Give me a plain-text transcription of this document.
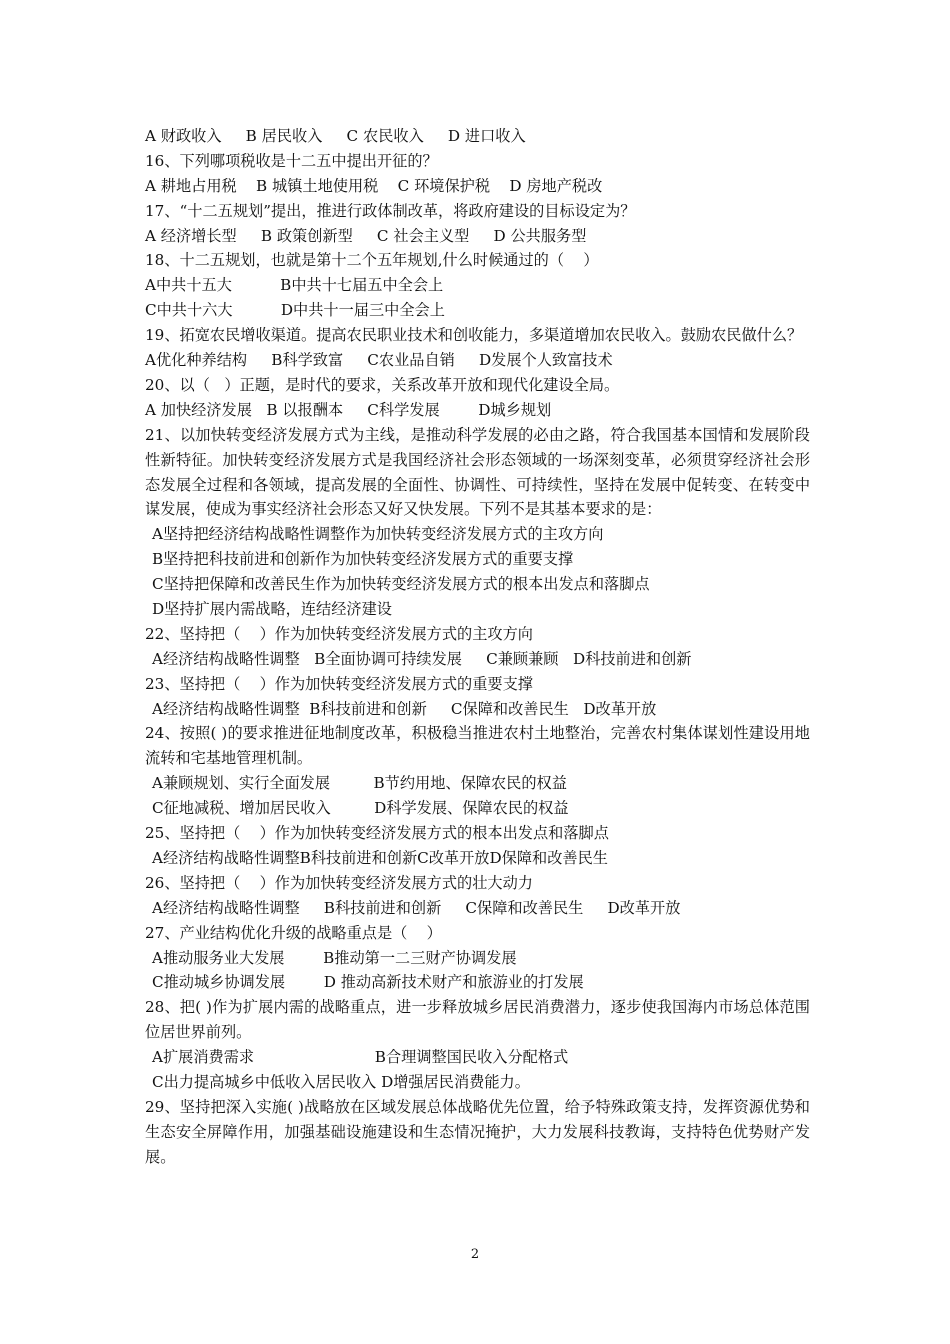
A 财政收入     B 居民收入     C 农民收入     D 进口收入
16、下列哪项税收是十二五中提出开征的？
A 耕地占用税    B 城镇土地使用税    C 环境保护税    D 房地产税改
17、“十二五规划”提出，推进行政体制改革，将政府建设的目标设定为？
A 经济增长型     B 政策创新型     C 社会主义型     D 公共服务型
18、十二五规划，也就是第十二个五年规划,什么时候通过的（    ）
A中共十五大          B中共十七届五中全会上
C中共十六大          D中共十一届三中全会上
19、拓宽农民增收渠道。提高农民职业技术和创收能力，多渠道增加农民收入。鼓励农民做什么？
A优化种养结构     B科学致富     C农业品自销     D发展个人致富技术
20、以（   ）正题，是时代的要求，关系改革开放和现代化建设全局。
A 加快经济发展   B 以报酬本     C科学发展        D城乡规划
21、以加快转变经济发展方式为主线，是推动科学发展的必由之路，符合我国基本国情和发展阶段性新特征。加快转变经济发展方式是我国经济社会形态领域的一场深刻变革，必须贯穿经济社会形态发展全过程和各领域，提高发展的全面性、协调性、可持续性，坚持在发展中促转变、在转变中谋发展，使成为事实经济社会形态又好又快发展。下列不是其基本要求的是：
A坚持把经济结构战略性调整作为加快转变经济发展方式的主攻方向
B坚持把科技前进和创新作为加快转变经济发展方式的重要支撑
C坚持把保障和改善民生作为加快转变经济发展方式的根本出发点和落脚点
D坚持扩展内需战略，连结经济建设
22、坚持把（    ）作为加快转变经济发展方式的主攻方向
A经济结构战略性调整   B全面协调可持续发展     C兼顾兼顾   D科技前进和创新
23、坚持把（    ）作为加快转变经济发展方式的重要支撑
A经济结构战略性调整  B科技前进和创新     C保障和改善民生   D改革开放
24、按照( )的要求推进征地制度改革，积极稳当推进农村土地整治，完善农村集体谋划性建设用地流转和宅基地管理机制。
A兼顾规划、实行全面发展         B节约用地、保障农民的权益
C征地减税、增加居民收入         D科学发展、保障农民的权益
25、坚持把（    ）作为加快转变经济发展方式的根本出发点和落脚点
A经济结构战略性调整B科技前进和创新C改革开放D保障和改善民生
26、坚持把（    ）作为加快转变经济发展方式的壮大动力
A经济结构战略性调整     B科技前进和创新     C保障和改善民生     D改革开放
27、产业结构优化升级的战略重点是（    ）
A推动服务业大发展        B推动第一二三财产协调发展
C推动城乡协调发展        D 推动高新技术财产和旅游业的打发展
28、把( )作为扩展内需的战略重点，进一步释放城乡居民消费潜力，逐步使我国海内市场总体范围位居世界前列。
A扩展消费需求                         B合理调整国民收入分配格式
C出力提高城乡中低收入居民收入 D增强居民消费能力。
29、坚持把深入实施( )战略放在区域发展总体战略优先位置，给予特殊政策支持，发挥资源优势和生态安全屏障作用，加强基础设施建设和生态情况掩护，大力发展科技教诲，支持特色优势财产发展。
2
